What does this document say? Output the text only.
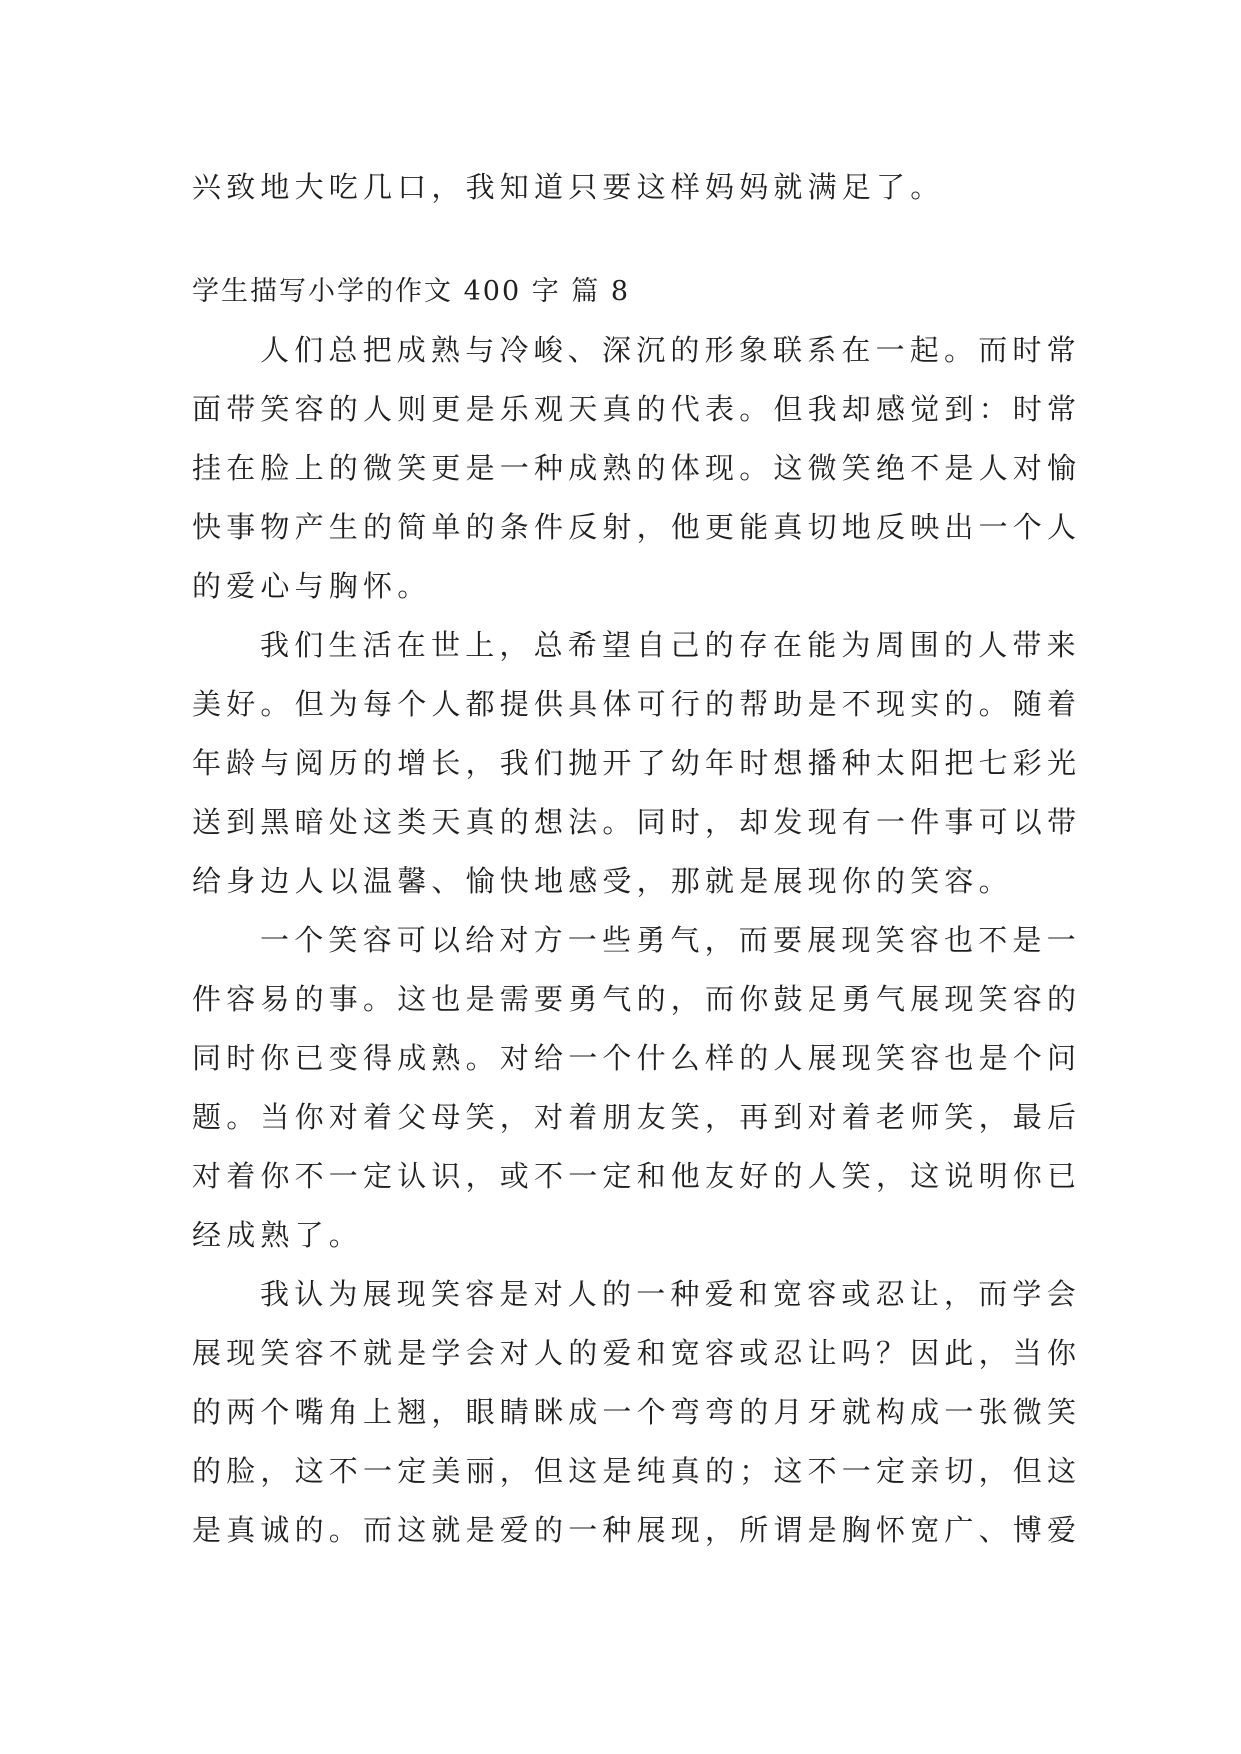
兴致地大吃几口，我知道只要这样妈妈就满足了。
学生描写小学的作文 400 字 篇 8
人们总把成熟与冷峻、深沉的形象联系在一起。而时常
面带笑容的人则更是乐观天真的代表。但我却感觉到：时常
挂在脸上的微笑更是一种成熟的体现。这微笑绝不是人对愉
快事物产生的简单的条件反射，他更能真切地反映出一个人
的爱心与胸怀。
我们生活在世上，总希望自己的存在能为周围的人带来
美好。但为每个人都提供具体可行的帮助是不现实的。随着
年龄与阅历的增长，我们抛开了幼年时想播种太阳把七彩光
送到黑暗处这类天真的想法。同时，却发现有一件事可以带
给身边人以温馨、愉快地感受，那就是展现你的笑容。
一个笑容可以给对方一些勇气，而要展现笑容也不是一
件容易的事。这也是需要勇气的，而你鼓足勇气展现笑容的
同时你已变得成熟。对给一个什么样的人展现笑容也是个问
题。当你对着父母笑，对着朋友笑，再到对着老师笑，最后
对着你不一定认识，或不一定和他友好的人笑，这说明你已
经成熟了。
我认为展现笑容是对人的一种爱和宽容或忍让，而学会
展现笑容不就是学会对人的爱和宽容或忍让吗？因此，当你
的两个嘴角上翘，眼睛眯成一个弯弯的月牙就构成一张微笑
的脸，这不一定美丽，但这是纯真的；这不一定亲切，但这
是真诚的。而这就是爱的一种展现，所谓是胸怀宽广、博爱
